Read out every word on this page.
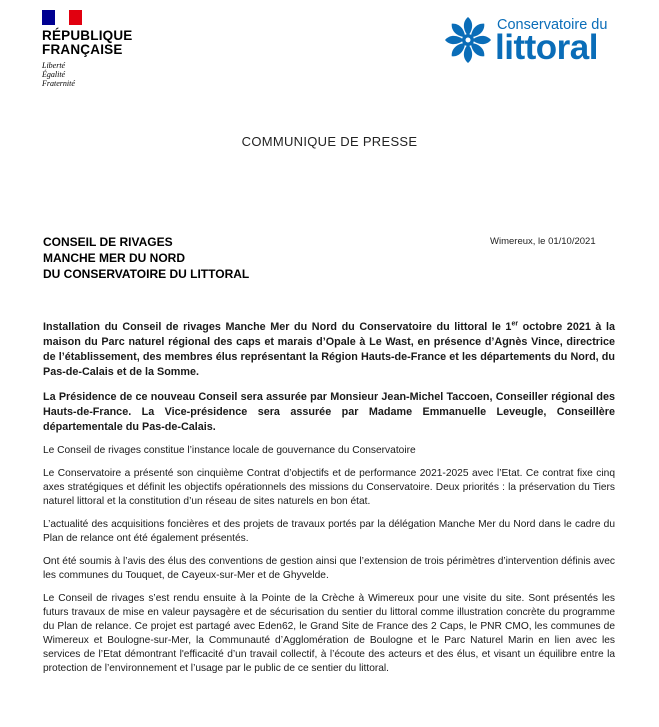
RÉPUBLIQUE
FRANÇAISE
Liberté
Égalité
Fraternité
Conservatoire du
littoral
COMMUNIQUE DE PRESSE
CONSEIL DE RIVAGES
MANCHE MER DU NORD
DU CONSERVATOIRE DU LITTORAL
Wimereux, le 01/10/2021

Installation du Conseil de rivages Manche Mer du Nord du Conservatoire du littoral le 1er octobre 2021 à la maison du Parc naturel régional des caps et marais d’Opale à Le Wast, en présence d’Agnès Vince, directrice de l’établissement, des membres élus représentant la Région Hauts-de-France et les départements du Nord, du Pas-de-Calais et de la Somme.

La Présidence de ce nouveau Conseil sera assurée par Monsieur Jean-Michel Taccoen, Conseiller régional des Hauts-de-France. La Vice-présidence sera assurée par Madame Emmanuelle Leveugle, Conseillère départementale du Pas-de-Calais.

Le Conseil de rivages constitue l’instance locale de gouvernance du Conservatoire

Le Conservatoire a présenté son cinquième Contrat d’objectifs et de performance 2021-2025 avec l’Etat. Ce contrat fixe cinq axes stratégiques et définit les objectifs opérationnels des missions du Conservatoire. Deux priorités : la préservation du Tiers naturel littoral et la constitution d’un réseau de sites naturels en bon état.

L’actualité des acquisitions foncières et des projets de travaux portés par la délégation Manche Mer du Nord dans le cadre du Plan de relance ont été également présentés.

Ont été soumis à l’avis des élus des conventions de gestion ainsi que l’extension de trois périmètres d’intervention définis avec les communes du Touquet, de Cayeux-sur-Mer et de Ghyvelde.

Le Conseil de rivages s’est rendu ensuite à la Pointe de la Crèche à Wimereux pour une visite du site. Sont présentés les futurs travaux de mise en valeur paysagère et de sécurisation du sentier du littoral comme illustration concrète du programme du Plan de relance. Ce projet est partagé avec Eden62, le Grand Site de France des 2 Caps, le PNR CMO, les communes de Wimereux et Boulogne-sur-Mer, la Communauté d’Agglomération de Boulogne et le Parc Naturel Marin en lien avec les services de l’Etat démontrant l'efficacité d’un travail collectif, à l’écoute des acteurs et des élus, et visant un équilibre entre la protection de l’environnement et l’usage par le public de ce sentier du littoral.
